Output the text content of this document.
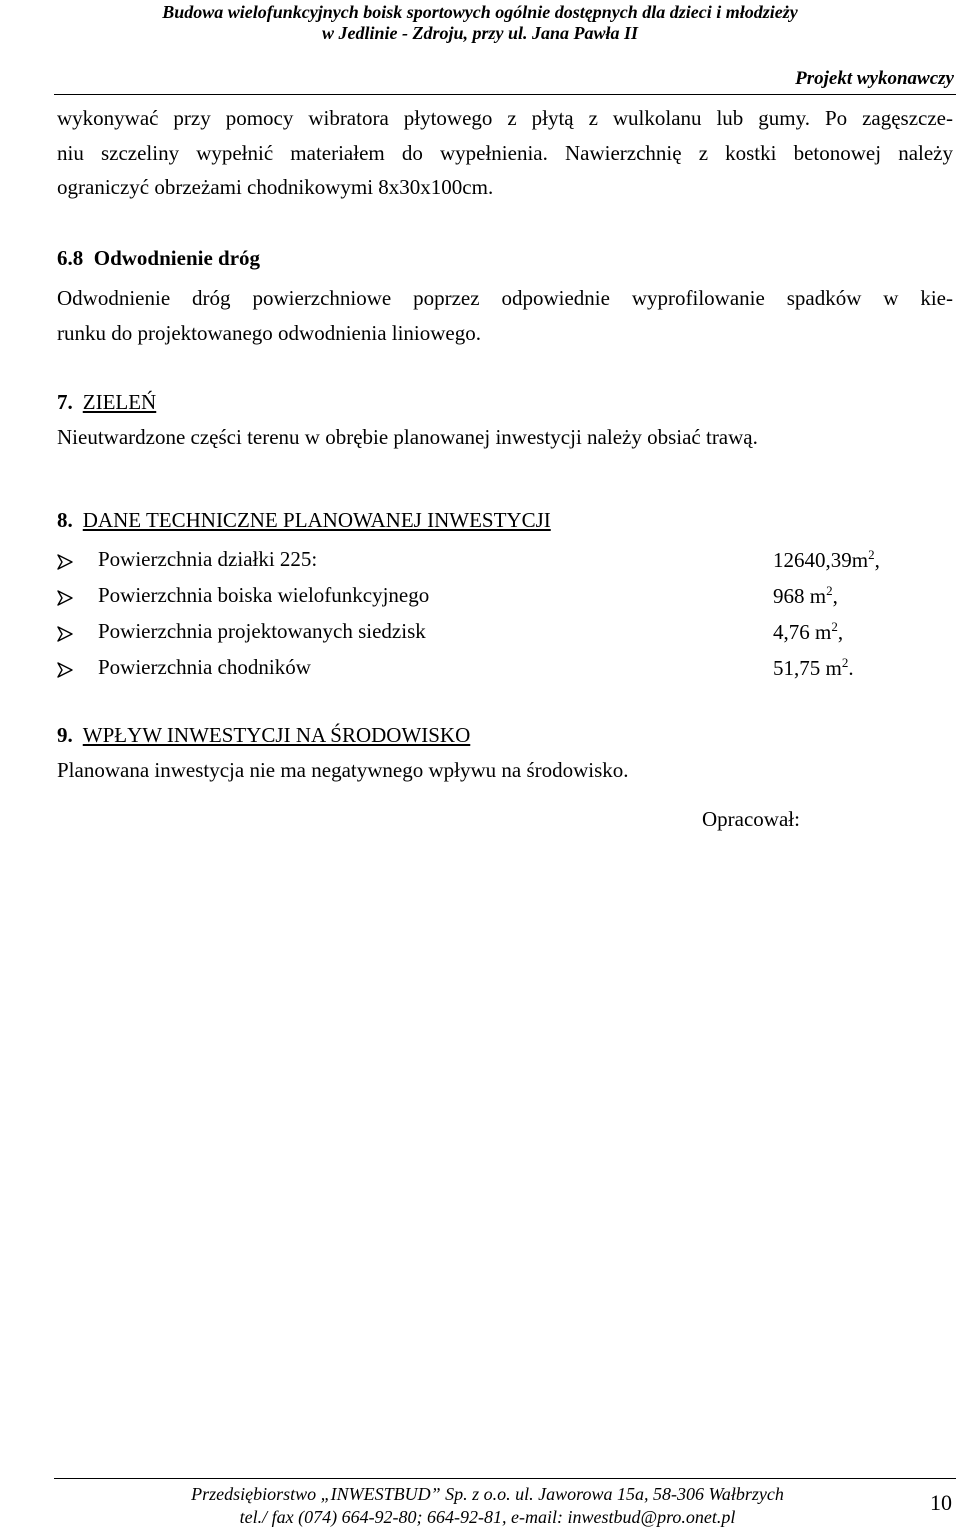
Budowa wielofunkcyjnych boisk sportowych ogólnie dostępnych dla dzieci i młodzieży
w Jedlinie - Zdroju, przy ul. Jana Pawła II
Projekt wykonawczy
wykonywać przy pomocy wibratora płytowego z płytą z wulkolanu lub gumy. Po zagęszcze-
niu szczeliny wypełnić materiałem do wypełnienia. Nawierzchnię z kostki betonowej należy
ograniczyć obrzeżami chodnikowymi 8x30x100cm.
6.8  Odwodnienie dróg
Odwodnienie dróg powierzchniowe poprzez odpowiednie wyprofilowanie spadków w kie-
runku do projektowanego odwodnienia liniowego.
7. ZIELEŃ
Nieutwardzone części terenu w obrębie planowanej inwestycji należy obsiać trawą.
8. DANE TECHNICZNE PLANOWANEJ INWESTYCJI
Powierzchnia działki 225:	$12640,39m^2$,
Powierzchnia boiska wielofunkcyjnego	968 $m^2$,
Powierzchnia projektowanych siedzisk	4,76 $m^2$,
Powierzchnia chodników	51,75 $m^2$.
9. WPŁYW INWESTYCJI NA ŚRODOWISKO
Planowana inwestycja nie ma negatywnego wpływu na środowisko.
Opracował:
Przedsiębiorstwo „INWESTBUD” Sp. z o.o. ul. Jaworowa 15a, 58-306 Wałbrzych
tel./ fax (074) 664-92-80; 664-92-81, e-mail: inwestbud@pro.onet.pl
10
